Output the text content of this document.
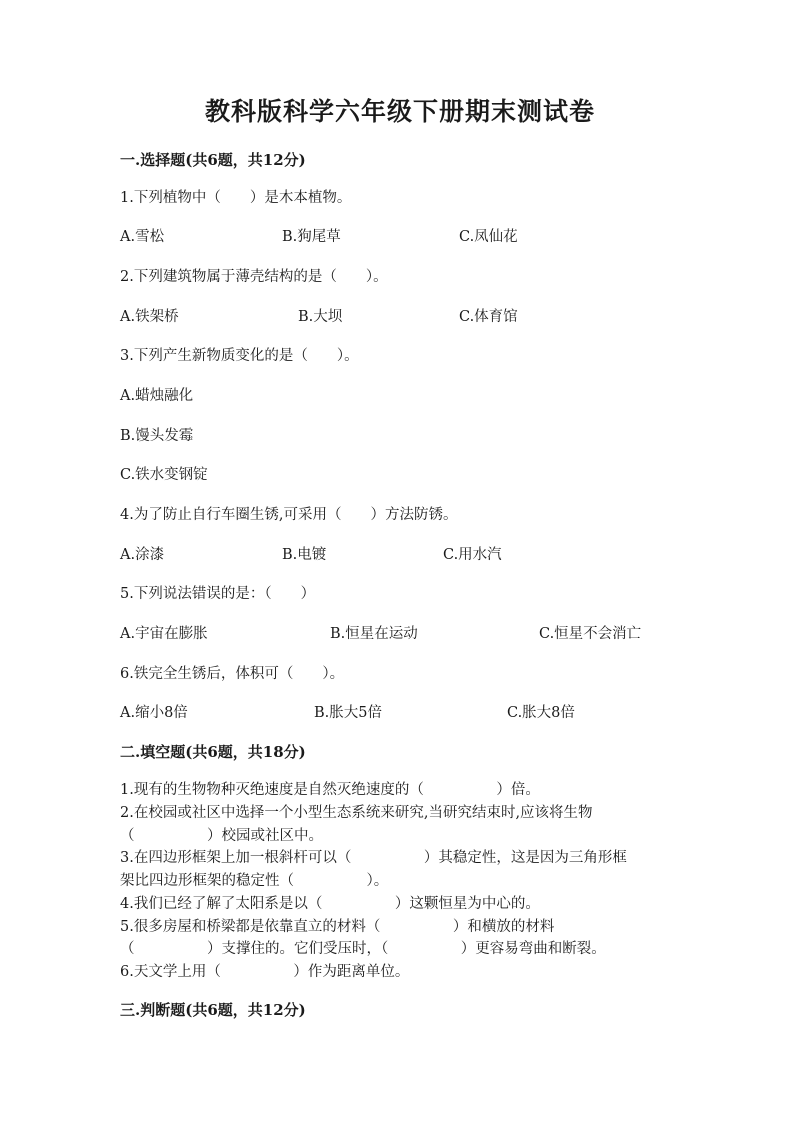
教科版科学六年级下册期末测试卷
一.选择题(共6题，共12分)
1.下列植物中（　　）是木本植物。
A.雪松	B.狗尾草	C.凤仙花
2.下列建筑物属于薄壳结构的是（　　）。
A.铁架桥	B.大坝	C.体育馆
3.下列产生新物质变化的是（　　）。
A.蜡烛融化
B.馒头发霉
C.铁水变钢锭
4.为了防止自行车圈生锈,可采用（　　）方法防锈。
A.涂漆	B.电镀	C.用水汽
5.下列说法错误的是：（　　）
A.宇宙在膨胀	B.恒星在运动	C.恒星不会消亡
6.铁完全生锈后，体积可（　　）。
A.缩小8倍	B.胀大5倍	C.胀大8倍
二.填空题(共6题，共18分)
1.现有的生物物种灭绝速度是自然灭绝速度的（　　　　　）倍。
2.在校园或社区中选择一个小型生态系统来研究,当研究结束时,应该将生物
（　　　　　）校园或社区中。
3.在四边形框架上加一根斜杆可以（　　　　　）其稳定性，这是因为三角形框
架比四边形框架的稳定性（　　　　　）。
4.我们已经了解了太阳系是以（　　　　　）这颗恒星为中心的。
5.很多房屋和桥梁都是依靠直立的材料（　　　　　）和横放的材料
（　　　　　）支撑住的。它们受压时，（　　　　　）更容易弯曲和断裂。
6.天文学上用（　　　　　）作为距离单位。
三.判断题(共6题，共12分)
